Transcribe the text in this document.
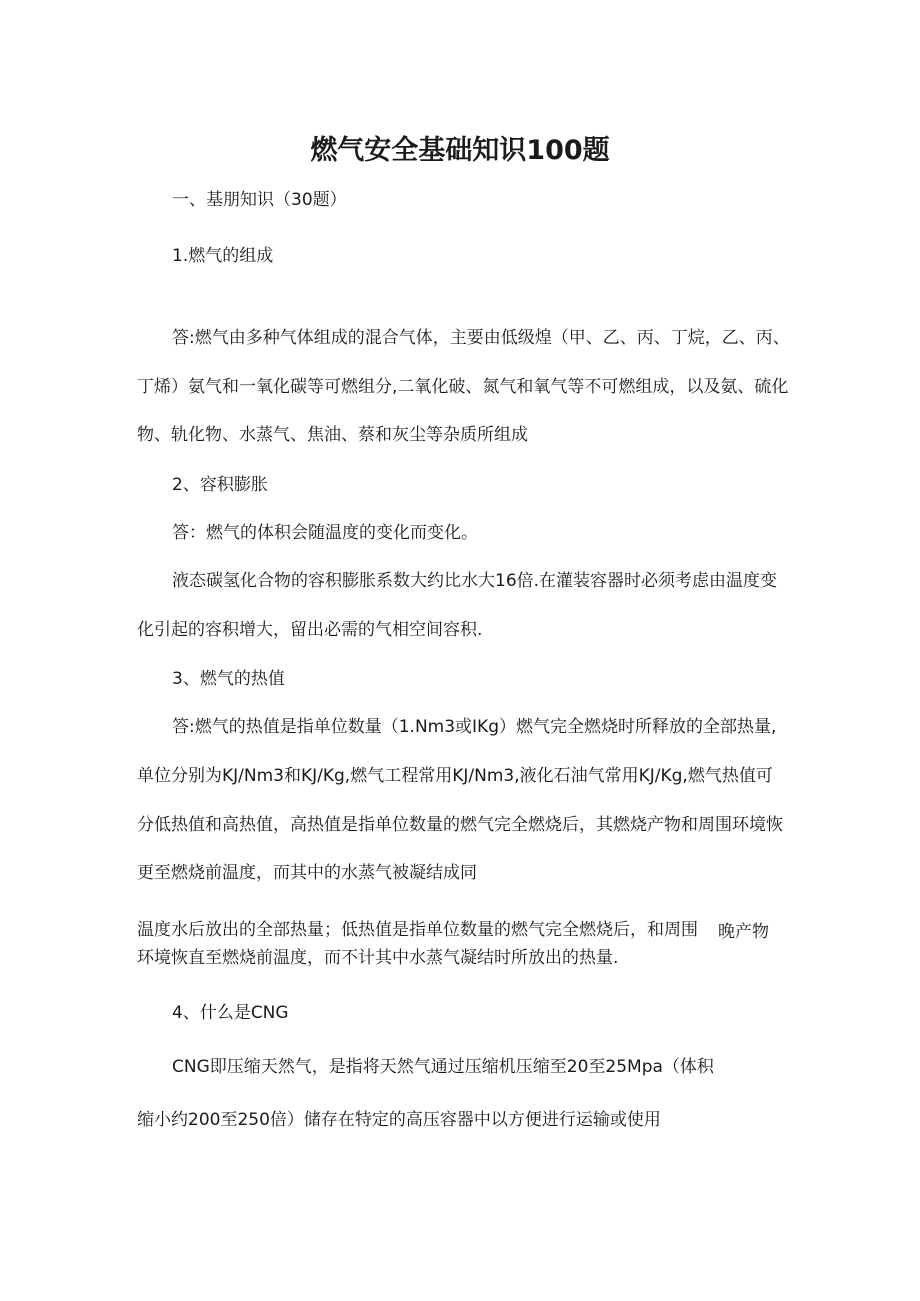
燃气安全基础知识100题
一、基朋知识（30题）
1.燃气的组成
答:燃气由多种气体组成的混合气体，主要由低级煌（甲、乙、丙、丁烷，乙、丙、
丁烯）氨气和一氧化碳等可燃组分,二氧化破、氮气和氧气等不可燃组成，以及氨、硫化
物、轨化物、水蒸气、焦油、蔡和灰尘等杂质所组成
2、容积膨胀
答：燃气的体积会随温度的变化而变化。
液态碳氢化合物的容积膨胀系数大约比水大16倍.在灌装容器时必须考虑由温度变
化引起的容积增大，留出必需的气相空间容积.
3、燃气的热值
答:燃气的热值是指单位数量（1.Nm3或IKg）燃气完全燃烧时所释放的全部热量,
单位分别为KJ/Nm3和KJ/Kg,燃气工程常用KJ/Nm3,液化石油气常用KJ/Kg,燃气热值可
分低热值和高热值，高热值是指单位数量的燃气完全燃烧后，其燃烧产物和周围环境恢
更至燃烧前温度，而其中的水蒸气被凝结成同
温度水后放出的全部热量；低热值是指单位数量的燃气完全燃烧后，和周围 晚产物
环境恢直至燃烧前温度，而不计其中水蒸气凝结时所放出的热量.
4、什么是CNG
CNG即压缩天然气，是指将天然气通过压缩机压缩至20至25Mpa（体积
缩小约200至250倍）储存在特定的高压容器中以方便进行运输或使用
